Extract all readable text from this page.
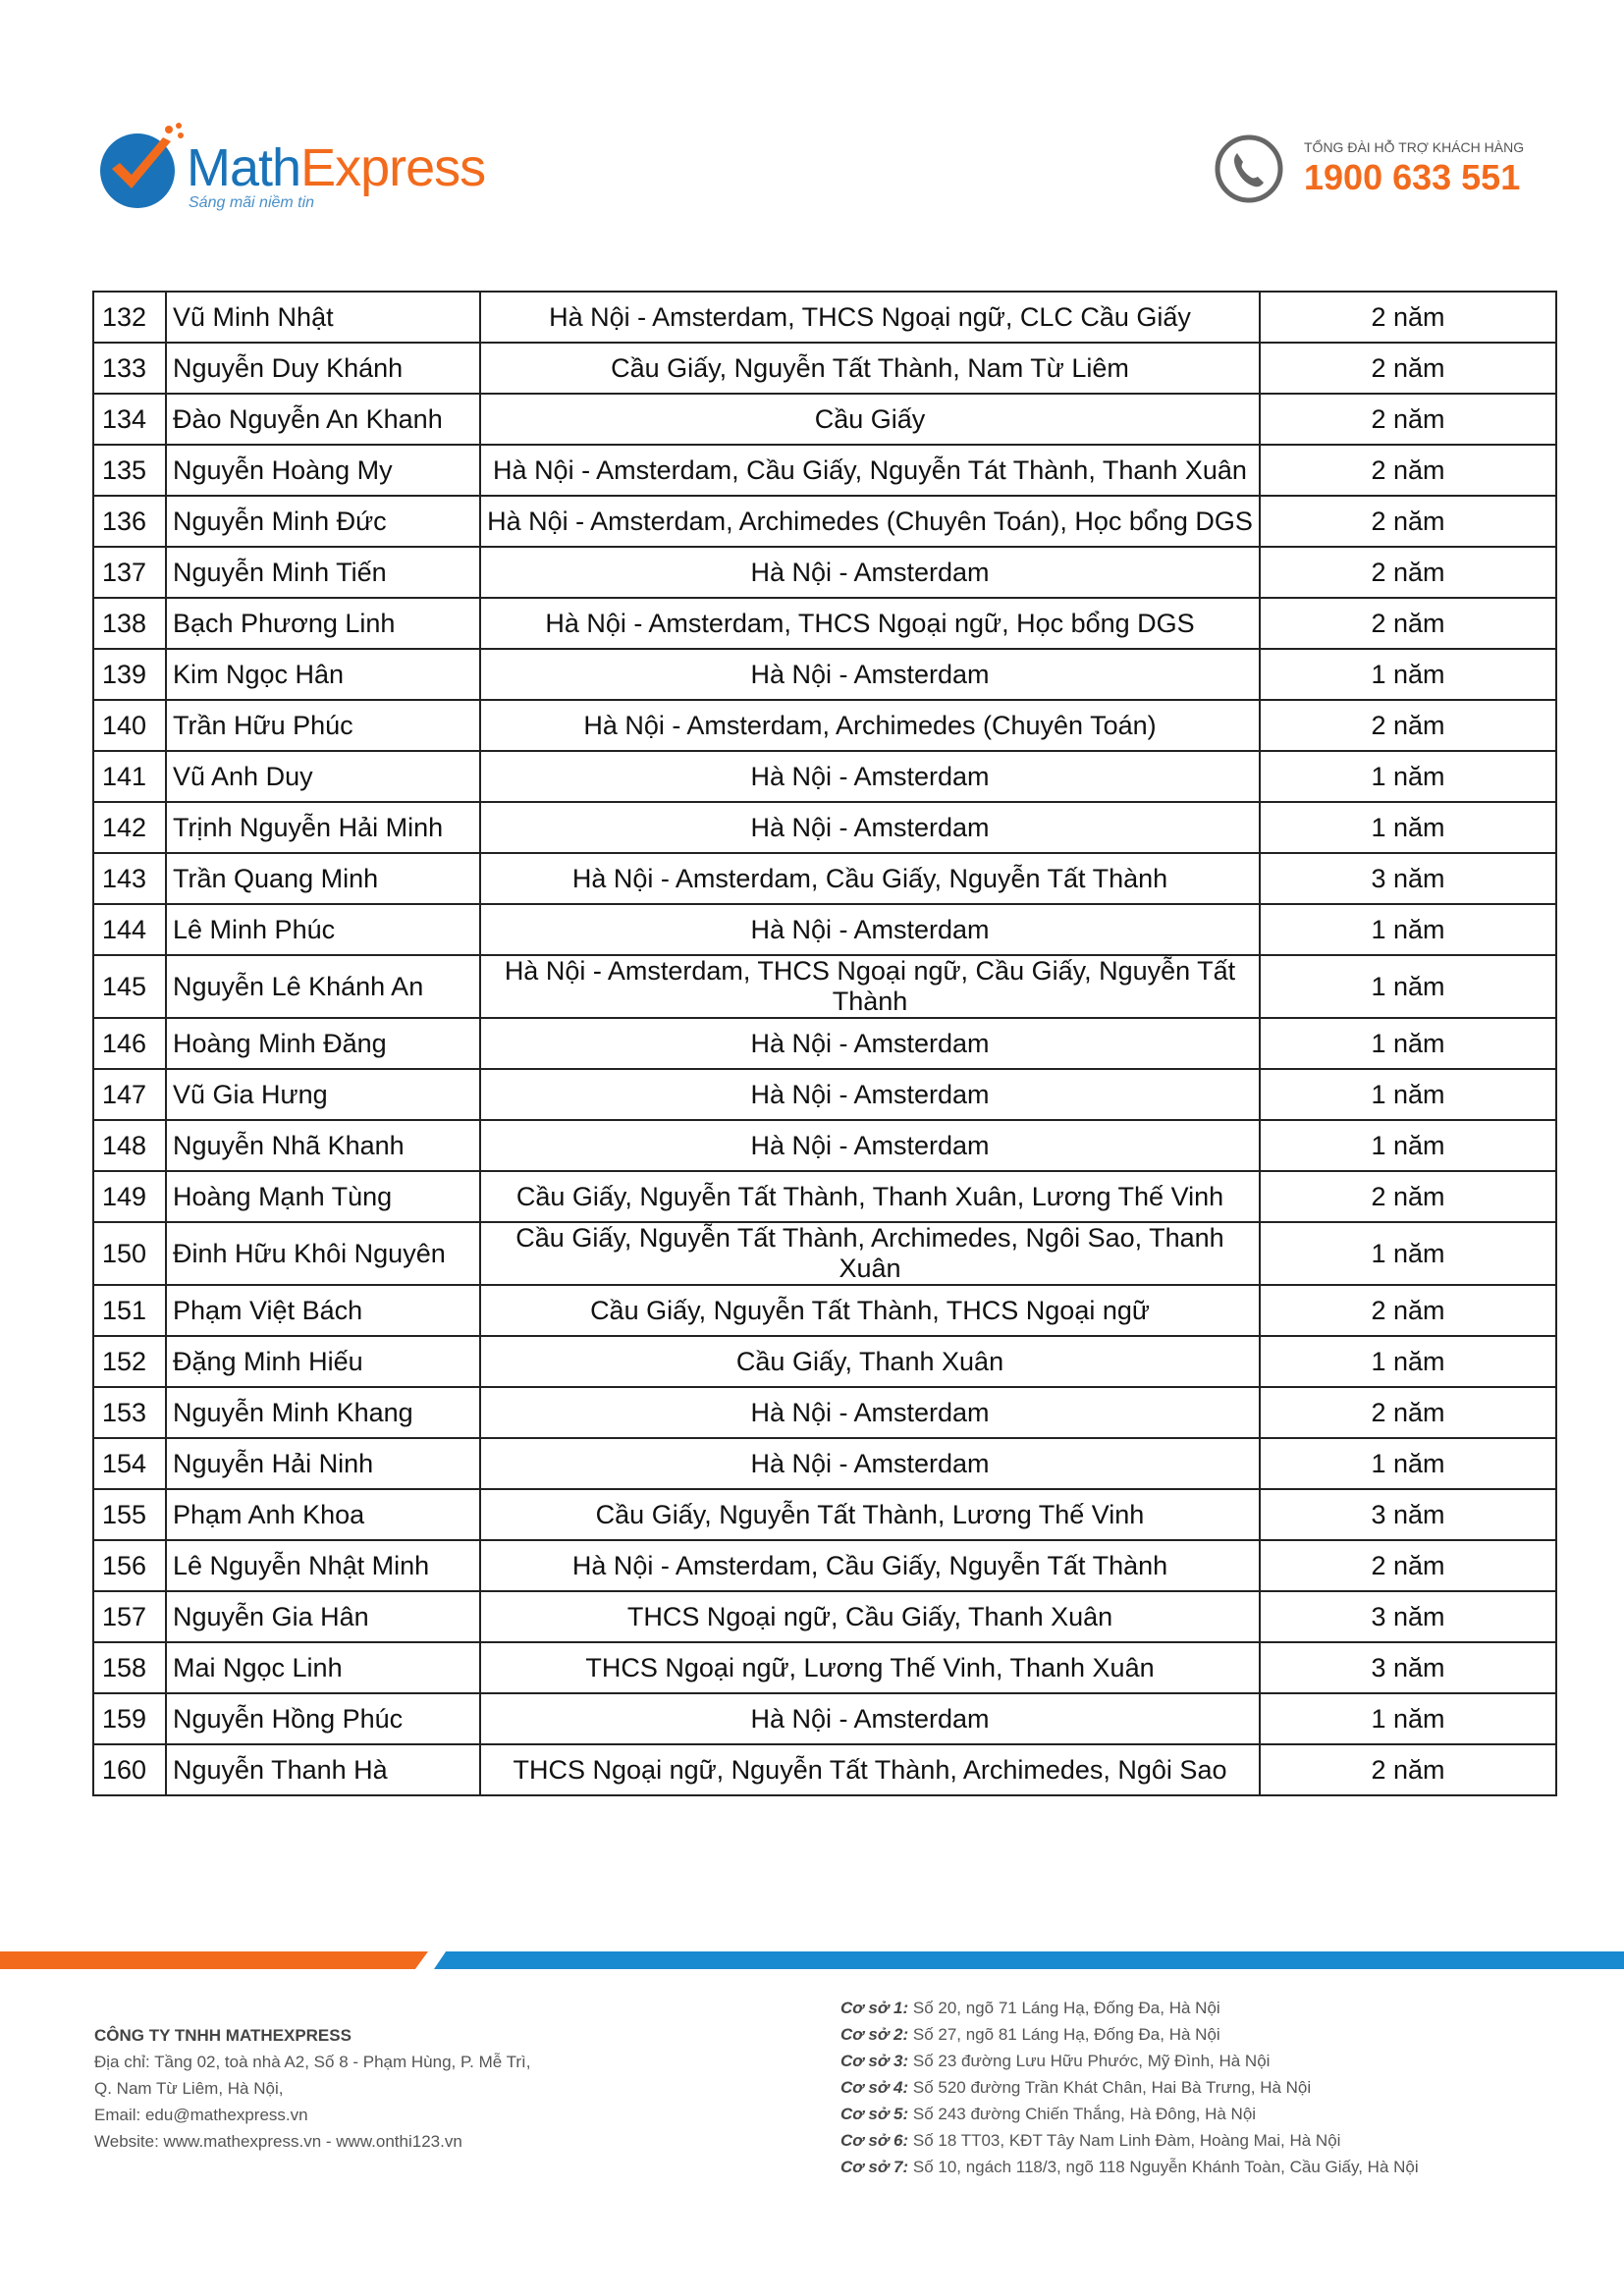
MathExpress
Sáng mãi niềm tin
TỔNG ĐÀI HỖ TRỢ KHÁCH HÀNG
1900 633 551
132	Vũ Minh Nhật	Hà Nội - Amsterdam, THCS Ngoại ngữ, CLC Cầu Giấy	2 năm
133	Nguyễn Duy Khánh	Cầu Giấy, Nguyễn Tất Thành, Nam Từ Liêm	2 năm
134	Đào Nguyễn An Khanh	Cầu Giấy	2 năm
135	Nguyễn Hoàng My	Hà Nội - Amsterdam, Cầu Giấy, Nguyễn Tát Thành, Thanh Xuân	2 năm
136	Nguyễn Minh Đức	Hà Nội - Amsterdam, Archimedes (Chuyên Toán), Học bổng DGS	2 năm
137	Nguyễn Minh Tiến	Hà Nội - Amsterdam	2 năm
138	Bạch Phương Linh	Hà Nội - Amsterdam, THCS Ngoại ngữ, Học bổng DGS	2 năm
139	Kim Ngọc Hân	Hà Nội - Amsterdam	1 năm
140	Trần Hữu Phúc	Hà Nội - Amsterdam, Archimedes (Chuyên Toán)	2 năm
141	Vũ Anh Duy	Hà Nội - Amsterdam	1 năm
142	Trịnh Nguyễn Hải Minh	Hà Nội - Amsterdam	1 năm
143	Trần Quang Minh	Hà Nội - Amsterdam, Cầu Giấy, Nguyễn Tất Thành	3 năm
144	Lê Minh Phúc	Hà Nội - Amsterdam	1 năm
145	Nguyễn Lê Khánh An	Hà Nội - Amsterdam, THCS Ngoại ngữ, Cầu Giấy, Nguyễn Tất Thành	1 năm
146	Hoàng Minh Đăng	Hà Nội - Amsterdam	1 năm
147	Vũ Gia Hưng	Hà Nội - Amsterdam	1 năm
148	Nguyễn Nhã Khanh	Hà Nội - Amsterdam	1 năm
149	Hoàng Mạnh Tùng	Cầu Giấy, Nguyễn Tất Thành, Thanh Xuân, Lương Thế Vinh	2 năm
150	Đinh Hữu Khôi Nguyên	Cầu Giấy, Nguyễn Tất Thành, Archimedes, Ngôi Sao, Thanh Xuân	1 năm
151	Phạm Việt Bách	Cầu Giấy, Nguyễn Tất Thành, THCS Ngoại ngữ	2 năm
152	Đặng Minh Hiếu	Cầu Giấy, Thanh Xuân	1 năm
153	Nguyễn Minh Khang	Hà Nội - Amsterdam	2 năm
154	Nguyễn Hải Ninh	Hà Nội - Amsterdam	1 năm
155	Phạm Anh Khoa	Cầu Giấy, Nguyễn Tất Thành, Lương Thế Vinh	3 năm
156	Lê Nguyễn Nhật Minh	Hà Nội - Amsterdam, Cầu Giấy, Nguyễn Tất Thành	2 năm
157	Nguyễn Gia Hân	THCS Ngoại ngữ, Cầu Giấy, Thanh Xuân	3 năm
158	Mai Ngọc Linh	THCS Ngoại ngữ, Lương Thế Vinh, Thanh Xuân	3 năm
159	Nguyễn Hồng Phúc	Hà Nội - Amsterdam	1 năm
160	Nguyễn Thanh Hà	THCS Ngoại ngữ, Nguyễn Tất Thành, Archimedes, Ngôi Sao	2 năm
CÔNG TY TNHH MATHEXPRESS
Địa chỉ: Tầng 02, toà nhà A2, Số 8 - Phạm Hùng, P. Mễ Trì,
Q. Nam Từ Liêm, Hà Nội,
Email: edu@mathexpress.vn
Website: www.mathexpress.vn - www.onthi123.vn
Cơ sở 1: Số 20, ngõ 71 Láng Hạ, Đống Đa, Hà Nội
Cơ sở 2: Số 27, ngõ 81 Láng Hạ, Đống Đa, Hà Nội
Cơ sở 3: Số 23 đường Lưu Hữu Phước, Mỹ Đình, Hà Nội
Cơ sở 4: Số 520 đường Trần Khát Chân, Hai Bà Trưng, Hà Nội
Cơ sở 5: Số 243 đường Chiến Thắng, Hà Đông, Hà Nội
Cơ sở 6: Số 18 TT03, KĐT Tây Nam Linh Đàm, Hoàng Mai, Hà Nội
Cơ sở 7: Số 10, ngách 118/3, ngõ 118 Nguyễn Khánh Toàn, Cầu Giấy, Hà Nội
